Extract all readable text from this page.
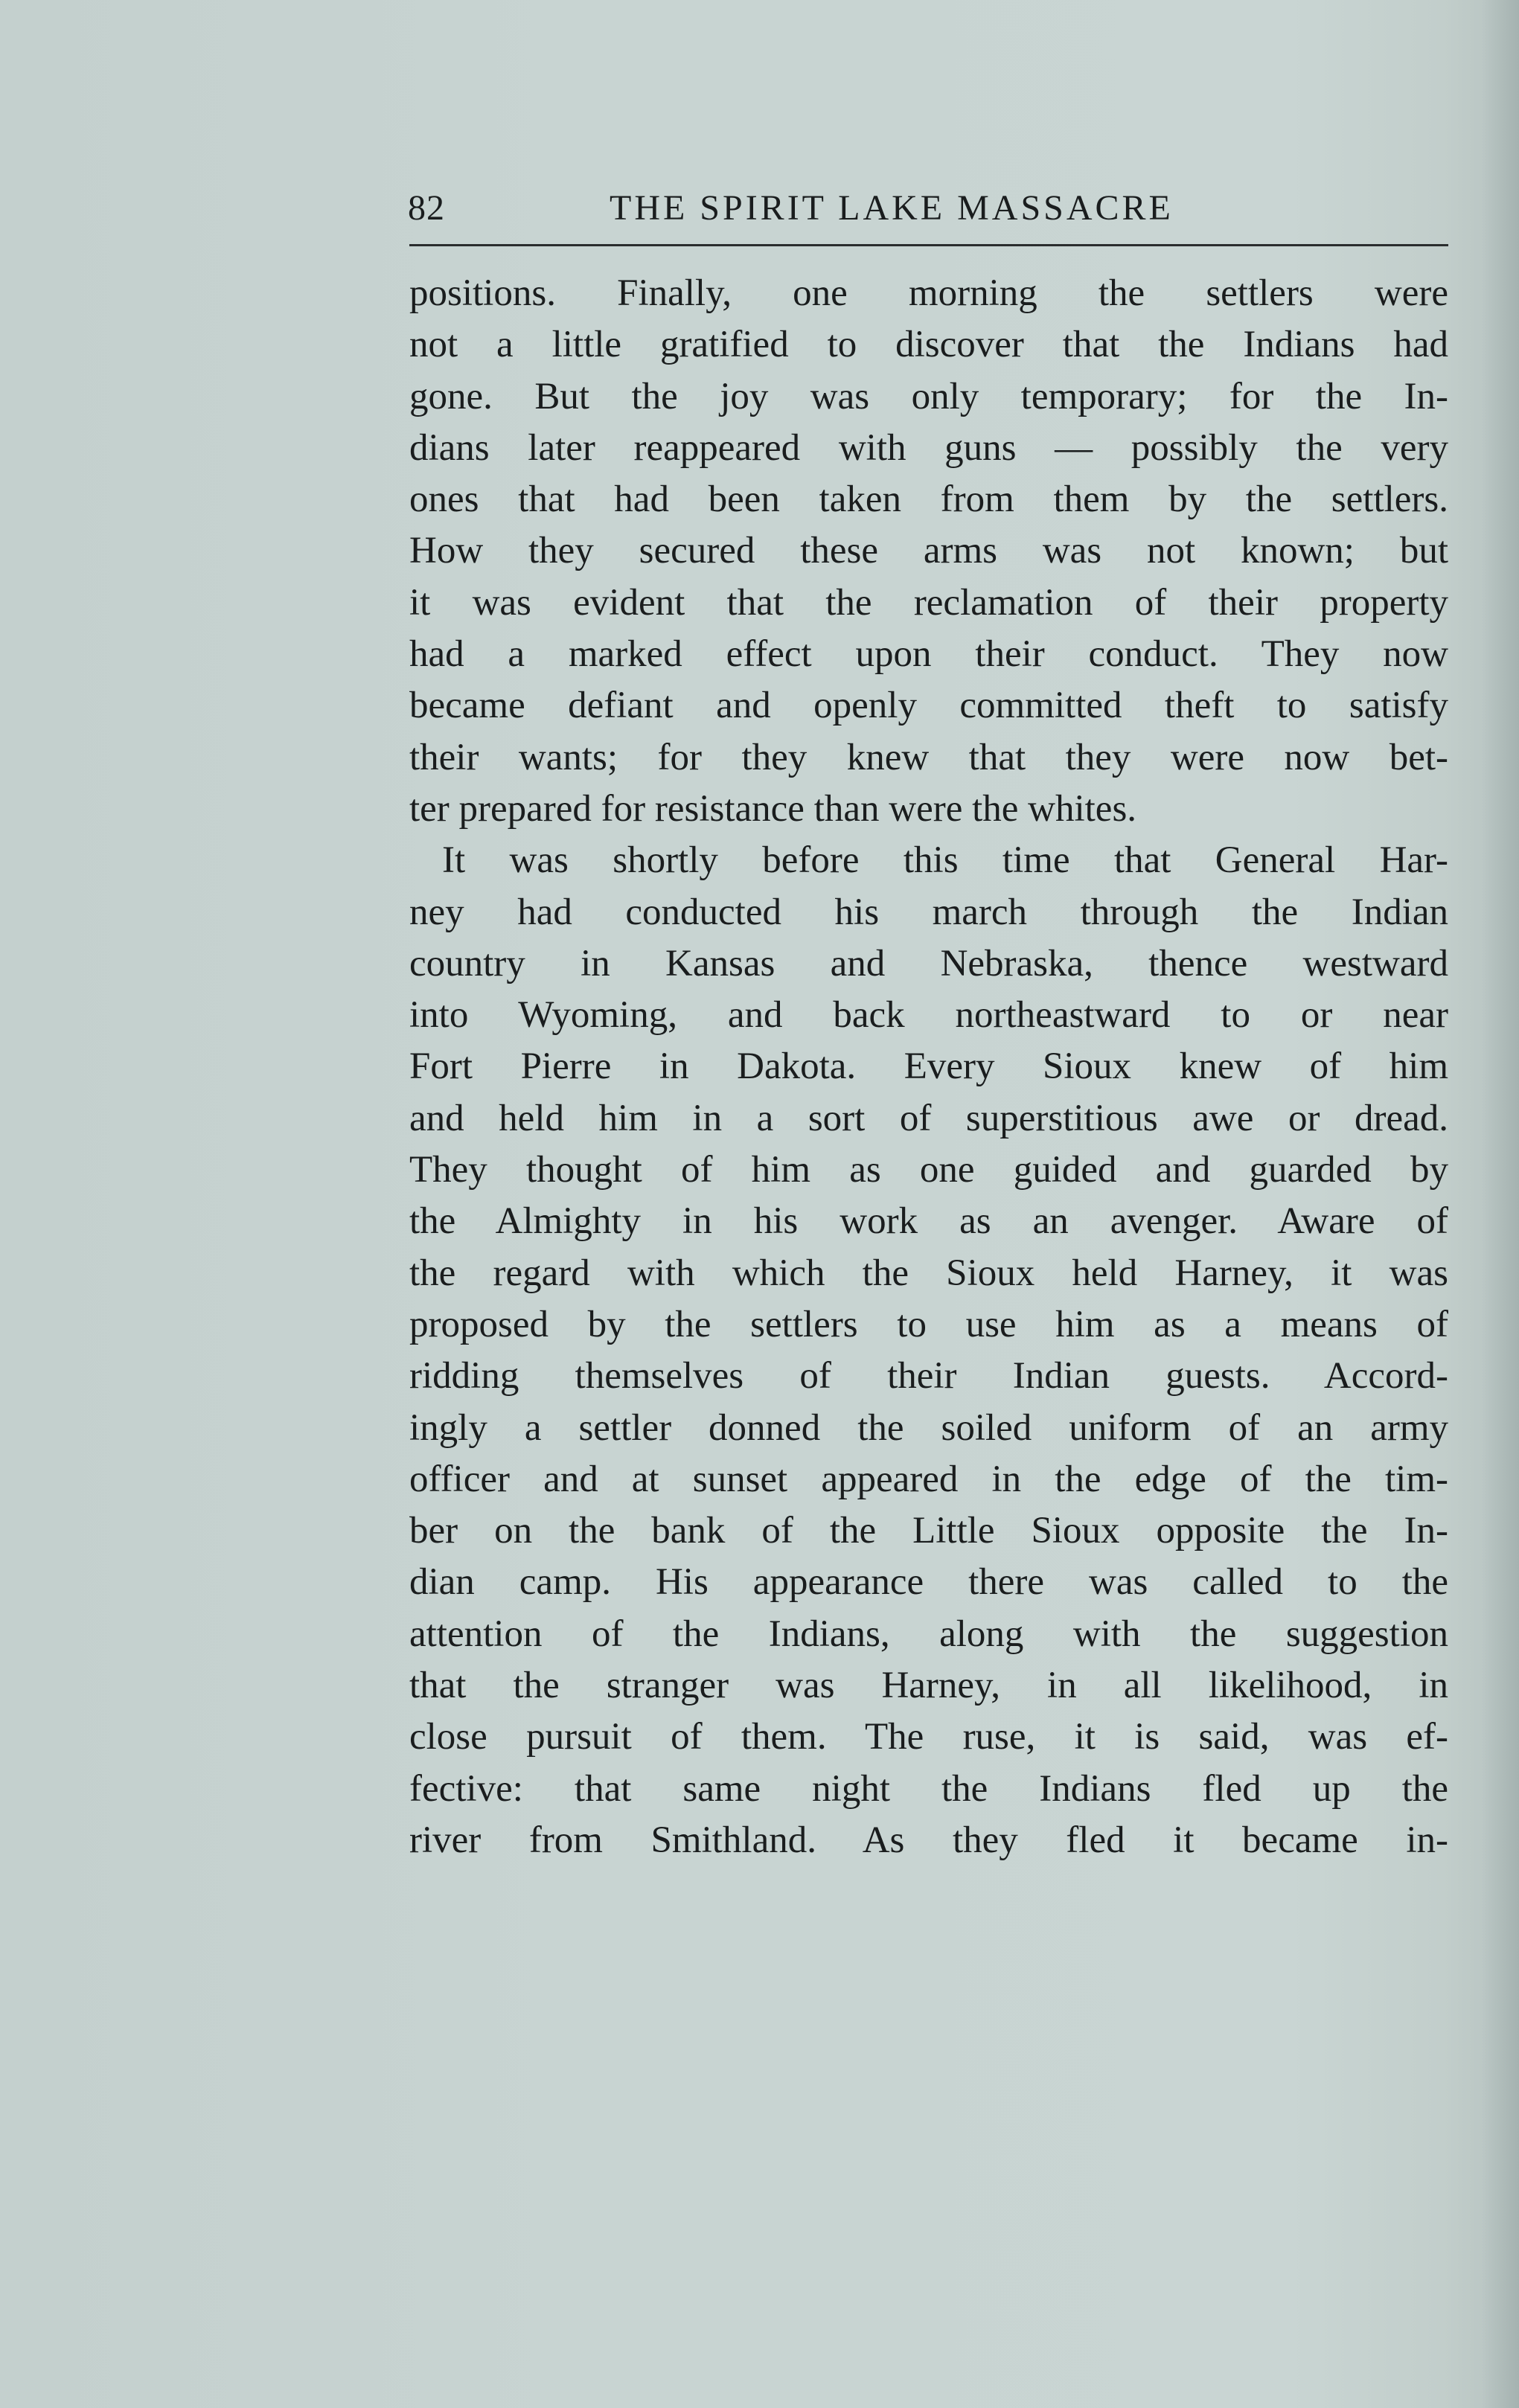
82	THE SPIRIT LAKE MASSACRE
positions. Finally, one morning the settlers were
not a little gratified to discover that the Indians had
gone. But the joy was only temporary; for the In-
dians later reappeared with guns — possibly the very
ones that had been taken from them by the settlers.
How they secured these arms was not known; but
it was evident that the reclamation of their property
had a marked effect upon their conduct. They now
became defiant and openly committed theft to satisfy
their wants; for they knew that they were now bet-
ter prepared for resistance than were the whites.
It was shortly before this time that General Har-
ney had conducted his march through the Indian
country in Kansas and Nebraska, thence westward
into Wyoming, and back northeastward to or near
Fort Pierre in Dakota. Every Sioux knew of him
and held him in a sort of superstitious awe or dread.
They thought of him as one guided and guarded by
the Almighty in his work as an avenger. Aware of
the regard with which the Sioux held Harney, it was
proposed by the settlers to use him as a means of
ridding themselves of their Indian guests. Accord-
ingly a settler donned the soiled uniform of an army
officer and at sunset appeared in the edge of the tim-
ber on the bank of the Little Sioux opposite the In-
dian camp. His appearance there was called to the
attention of the Indians, along with the suggestion
that the stranger was Harney, in all likelihood, in
close pursuit of them. The ruse, it is said, was ef-
fective: that same night the Indians fled up the
river from Smithland. As they fled it became in-
